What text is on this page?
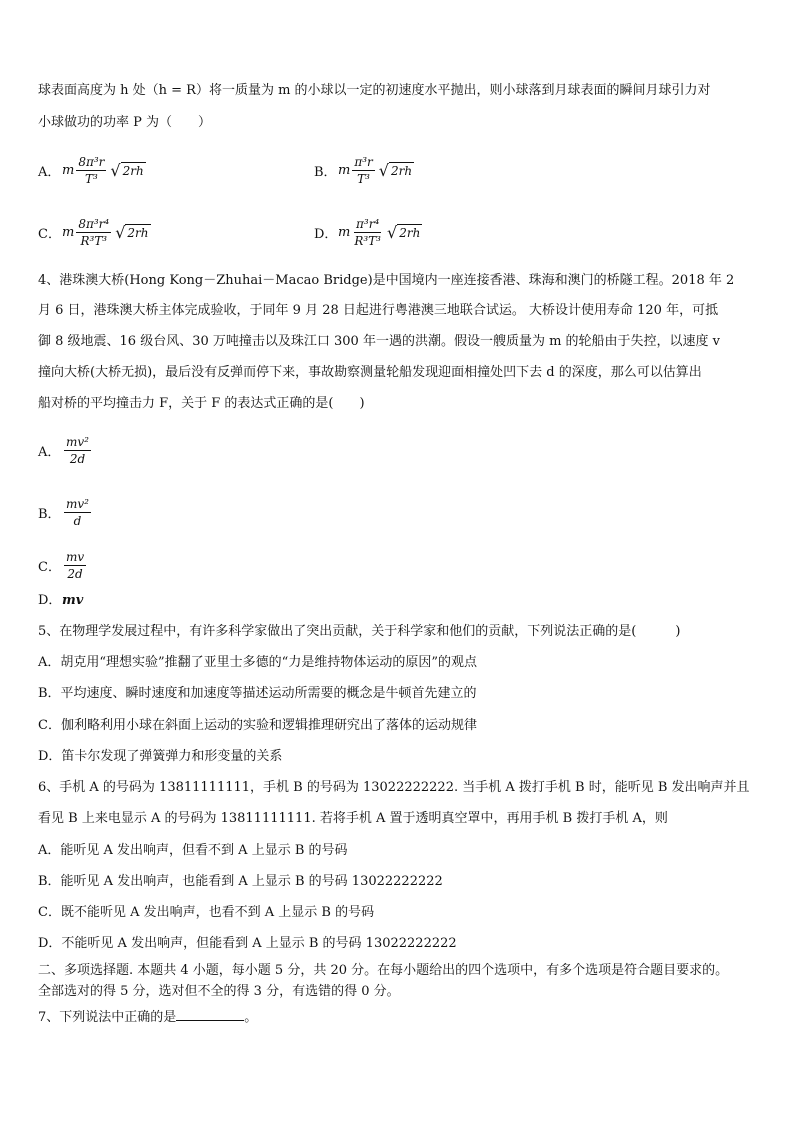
球表面高度为 h 处（h = R）将一质量为 m 的小球以一定的初速度水平抛出，则小球落到月球表面的瞬间月球引力对
小球做功的功率 P 为（　　）
A． m $\frac{\text{8π³r}}{\text{T³}}$ √ 2rh	B． m $\frac{\text{π³r}}{\text{T³}}$ √ 2rh
C． m $\frac{\text{8π³r⁴}}{\text{R³T³}}$ √ 2rh	D． m $\frac{\text{π³r⁴}}{\text{R³T³}}$ √ 2rh
4、港珠澳大桥(Hong Kong－Zhuhai－Macao Bridge)是中国境内一座连接香港、珠海和澳门的桥隧工程。2018 年 2
月 6 日，港珠澳大桥主体完成验收，于同年 9 月 28 日起进行粤港澳三地联合试运。 大桥设计使用寿命 120 年，可抵
御 8 级地震、16 级台风、30 万吨撞击以及珠江口 300 年一遇的洪潮。假设一艘质量为 m 的轮船由于失控，以速度 v
撞向大桥(大桥无损)，最后没有反弹而停下来，事故勘察测量轮船发现迎面相撞处凹下去 d 的深度，那么可以估算出
船对桥的平均撞击力 F，关于 F 的表达式正确的是(　　)
A． $\frac{\text{mv²}}{2d}$
B． $\frac{\text{mv²}}{d}$
C． $\frac{mv}{2d}$
D．mv
5、在物理学发展过程中，有许多科学家做出了突出贡献，关于科学家和他们的贡献，下列说法正确的是(　　　)
A．胡克用“理想实验”推翻了亚里士多德的“力是维持物体运动的原因”的观点
B．平均速度、瞬时速度和加速度等描述运动所需要的概念是牛顿首先建立的
C．伽利略利用小球在斜面上运动的实验和逻辑推理研究出了落体的运动规律
D．笛卡尔发现了弹簧弹力和形变量的关系
6、手机 A 的号码为 13811111111，手机 B 的号码为 13022222222. 当手机 A 拨打手机 B 时，能听见 B 发出响声并且
看见 B 上来电显示 A 的号码为 13811111111. 若将手机 A 置于透明真空罩中，再用手机 B 拨打手机 A，则
A．能听见 A 发出响声，但看不到 A 上显示 B 的号码
B．能听见 A 发出响声，也能看到 A 上显示 B 的号码 13022222222
C．既不能听见 A 发出响声，也看不到 A 上显示 B 的号码
D．不能听见 A 发出响声，但能看到 A 上显示 B 的号码 13022222222
二、多项选择题. 本题共 4 小题，每小题 5 分，共 20 分。在每小题给出的四个选项中，有多个选项是符合题目要求的。
全部选对的得 5 分，选对但不全的得 3 分，有选错的得 0 分。
7、下列说法中正确的是	。
